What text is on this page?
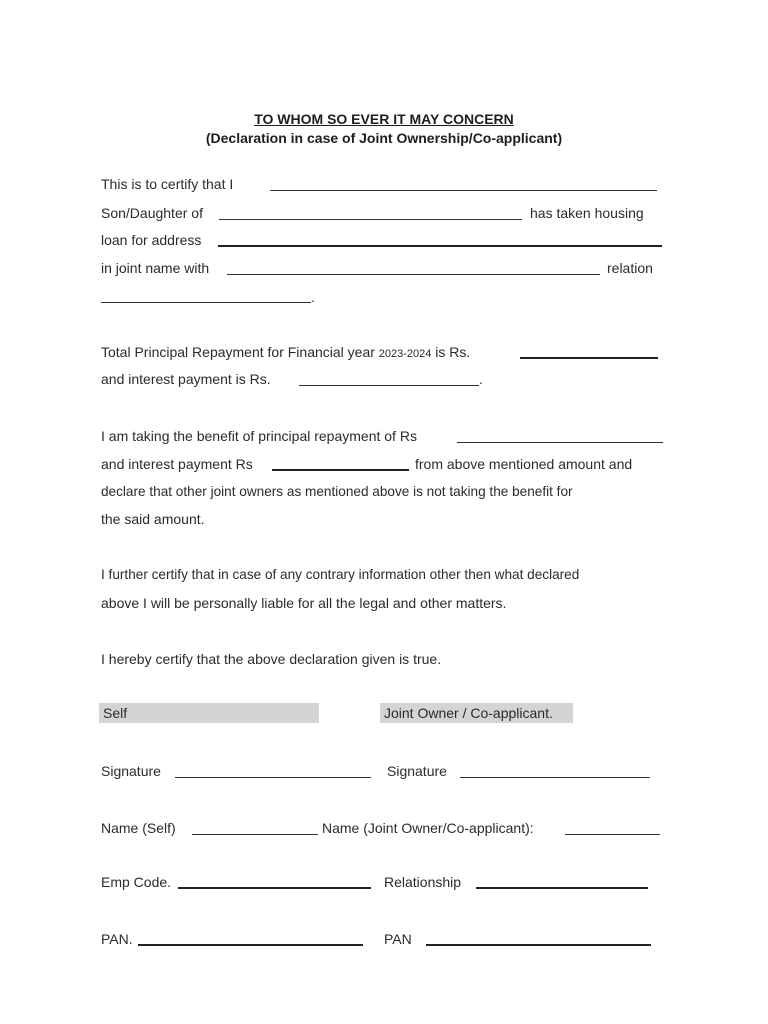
TO WHOM SO EVER IT MAY CONCERN
(Declaration in case of Joint Ownership/Co-applicant)
This is to certify that I
Son/Daughter of	has taken housing
loan for address
in joint name with	relation
.
Total Principal Repayment for Financial year 2023-2024 is Rs.
and interest payment is Rs.	.
I am taking the benefit of principal repayment of Rs
and interest payment Rs	from above mentioned amount and
declare that other joint owners as mentioned above is not taking the benefit for
the said amount.
I further certify that in case of any contrary information other then what declared
above I will be personally liable for all the legal and other matters.
I hereby certify that the above declaration given is true.
Self	Joint Owner / Co-applicant.
Signature	Signature
Name (Self)	Name (Joint Owner/Co-applicant):
Emp Code.	Relationship
PAN.	PAN
